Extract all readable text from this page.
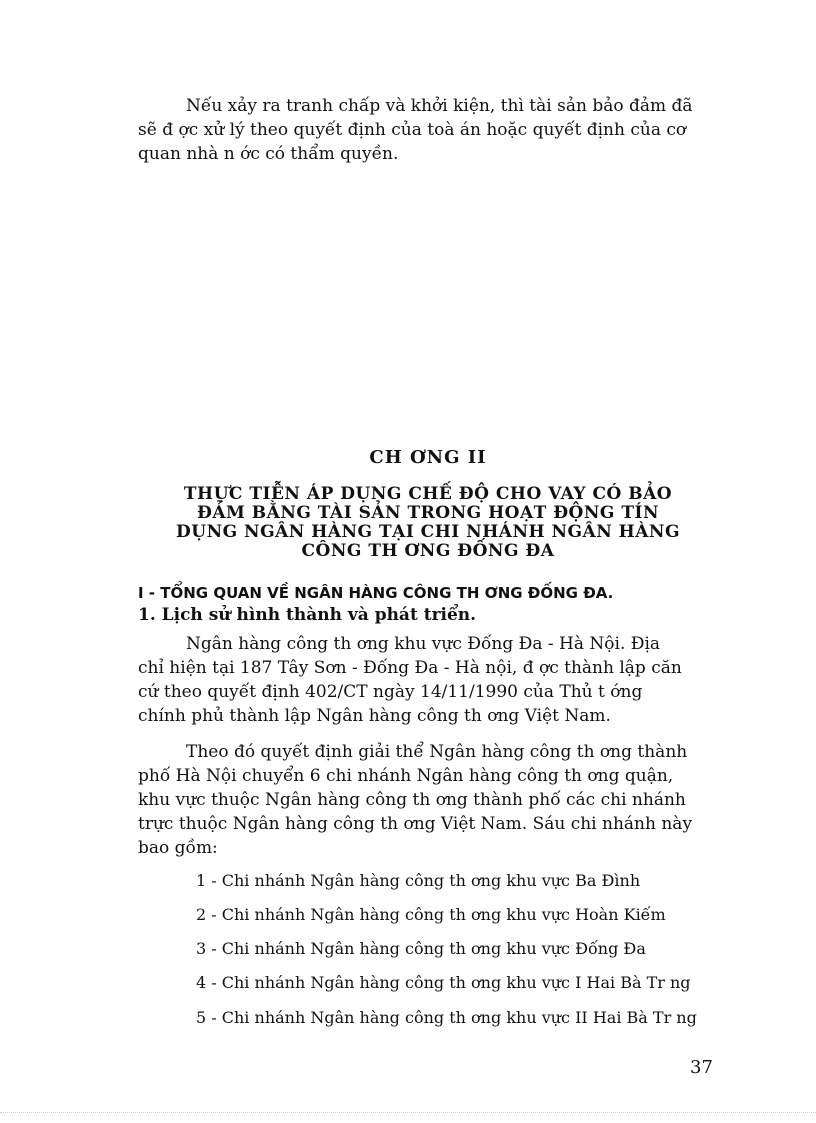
Nếu xảy ra tranh chấp và khởi kiện, thì tài sản bảo đảm đã
sẽ đ ợc xử lý theo quyết định của toà án hoặc quyết định của cơ
quan nhà n ớc có thẩm quyền.

CH ƠNG II
THỰC TIỄN ÁP DỤNG CHẾ ĐỘ CHO VAY CÓ BẢO
ĐẢM BẰNG TÀI SẢN TRONG HOẠT ĐỘNG TÍN
DỤNG NGÂN HÀNG TẠI CHI NHÁNH NGÂN HÀNG
CÔNG TH ƠNG ĐỐNG ĐA
I - TỔNG QUAN VỀ NGÂN HÀNG CÔNG TH ƠNG ĐỐNG ĐA.
1. Lịch sử hình thành và phát triển.

Ngân hàng công th ơng khu vực Đống Đa - Hà Nội. Địa
chỉ hiện tại 187 Tây Sơn - Đống Đa - Hà nội, đ ợc thành lập căn
cứ theo quyết định 402/CT ngày 14/11/1990 của Thủ t ớng
chính phủ thành lập Ngân hàng công th ơng Việt Nam.

Theo đó quyết định giải thể Ngân hàng công th ơng thành
phố Hà Nội chuyển 6 chi nhánh Ngân hàng công th ơng quận,
khu vực thuộc Ngân hàng công th ơng thành phố các chi nhánh
trực thuộc Ngân hàng công th ơng Việt Nam. Sáu chi nhánh này
bao gồm:

1 - Chi nhánh Ngân hàng công th ơng khu vực Ba Đình
2 - Chi nhánh Ngân hàng công th ơng khu vực Hoàn Kiếm
3 - Chi nhánh Ngân hàng công th ơng khu vực Đống Đa
4 - Chi nhánh Ngân hàng công th ơng khu vực I Hai Bà Tr ng
5 - Chi nhánh Ngân hàng công th ơng khu vực II Hai Bà Tr ng
37
